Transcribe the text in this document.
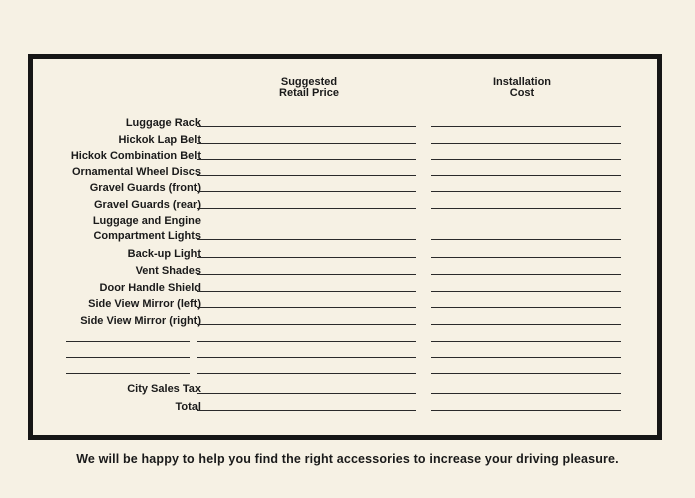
Suggested
Retail Price
Installation
Cost
Luggage Rack
Hickok Lap Belt
Hickok Combination Belt
Ornamental Wheel Discs
Gravel Guards (front)
Gravel Guards (rear)
Luggage and Engine
Compartment Lights
Back-up Light
Vent Shades
Door Handle Shield
Side View Mirror (left)
Side View Mirror (right)
City Sales Tax
Total
We will be happy to help you find the right accessories to increase your driving pleasure.
